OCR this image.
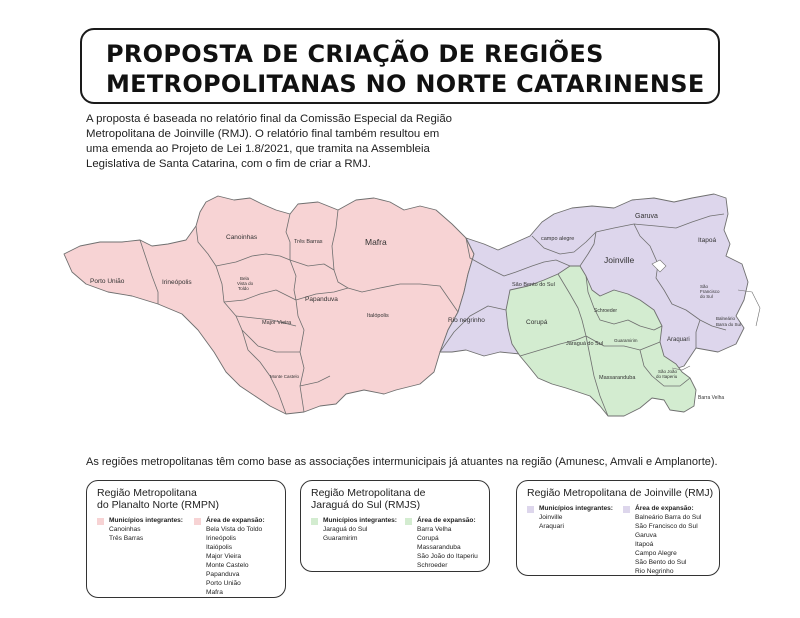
PROPOSTA DE CRIAÇÃO DE REGIÕES
METROPOLITANAS NO NORTE CATARINENSE
A proposta é baseada no relatório final da Comissão Especial da Região
Metropolitana de Joinville (RMJ). O relatório final também resultou em
uma emenda ao Projeto de Lei 1.8/2021, que tramita na Assembleia
Legislativa de Santa Catarina, com o fim de criar a RMJ.
Porto União	Irineópolis
Canoinhas
Três Barras	Mafra
Bela
Vista do
Toldo
Major Vieira
Papanduva
Italópolis
Monte Castelo
Rio negrinho
campo alegre
Garuva
Itapoá
Joinville
São Bento do Sul	São
Francisco
do Sul
Corupá
Schroeder
Jaraguá do Sul
Guaramirim	Araquari
Balneário
Barra do Sul
Massaranduba
São João
do Itaperiu
Barra Velha
As regiões metropolitanas têm como base as associações intermunicipais já atuantes na região (Amunesc, Amvali e Amplanorte).
Região Metropolitana
do Planalto Norte (RMPN)
Municípios integrantes:
Canoinhas
Três Barras
Área de expansão:
Bela Vista do Toldo
Irineópolis
Itaiópolis
Major Vieira
Monte Castelo
Papanduva
Porto União
Mafra
Região Metropolitana de
Jaraguá do Sul (RMJS)
Municípios integrantes:
Jaraguá do Sul
Guaramirim
Área de expansão:
Barra Velha
Corupá
Massaranduba
São João do Itaperiu
Schroeder
Região Metropolitana de Joinville (RMJ)
Municípios integrantes:
Joinville
Araquari
Área de expansão:
Balneário Barra do Sul
São Francisco do Sul
Garuva
Itapoá
Campo Alegre
São Bento do Sul
Rio Negrinho
